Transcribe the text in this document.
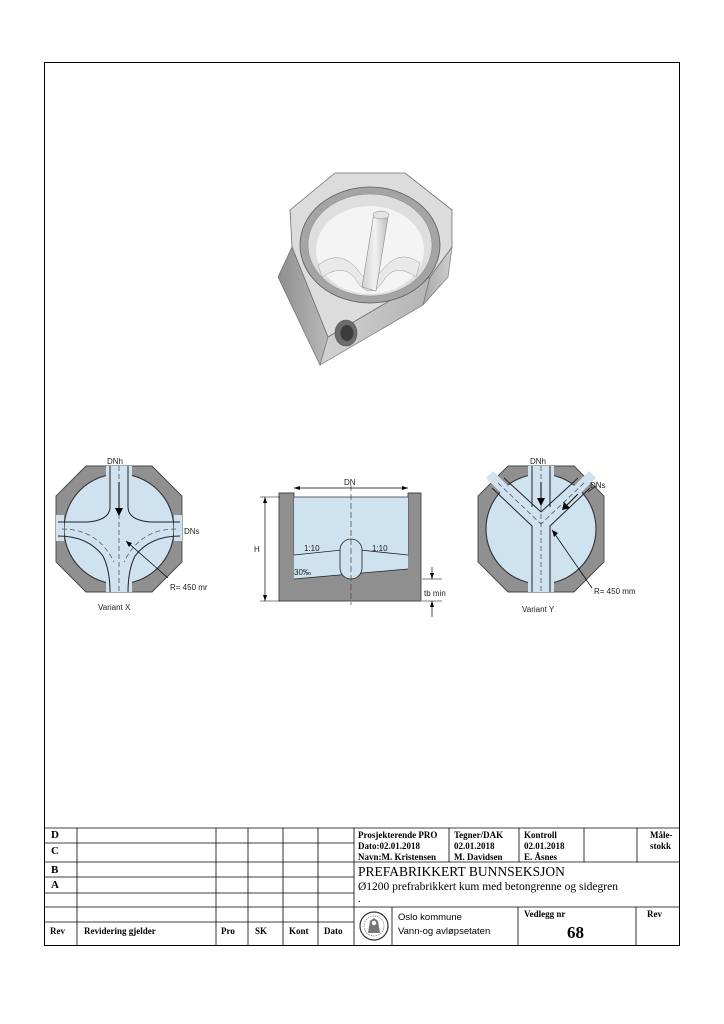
DNh
DNs
R= 450 mr
Variant X
DN
H	1:10	1:10
30‰
tb min
DNh
DNs
R= 450 mm
Variant Y
D
C
B
A
Rev Revidering gjelder	Pro SK Kont Dato
Prosjekterende PRO
Dato:02.01.2018
Navn:M. Kristensen
Tegner/DAK
02.01.2018
M. Davidsen
Kontroll
02.01.2018
E. Åsnes
Måle-
stokk
PREFABRIKKERT BUNNSEKSJON
Ø1200 prefrabrikkert kum med betongrenne og sidegren
.
Oslo kommune
Vann-og avløpsetaten
Vedlegg nr
68
Rev
